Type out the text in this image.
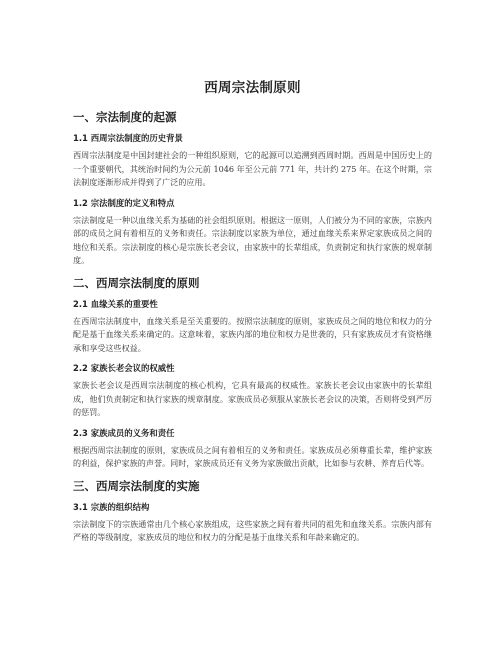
西周宗法制原则
一、宗法制度的起源
1.1 西周宗法制度的历史背景

西周宗法制度是中国封建社会的一种组织原则，它的起源可以追溯到西周时期。西周是中国历史上的一个重要朝代，其统治时间约为公元前 1046 年至公元前 771 年，共计约 275 年。在这个时期，宗法制度逐渐形成并得到了广泛的应用。

1.2 宗法制度的定义和特点

宗法制度是一种以血缘关系为基础的社会组织原则。根据这一原则，人们被分为不同的家族，宗族内部的成员之间有着相互的义务和责任。宗法制度以家族为单位，通过血缘关系来界定家族成员之间的地位和关系。宗法制度的核心是宗族长老会议，由家族中的长辈组成，负责制定和执行家族的规章制度。

二、西周宗法制度的原则
2.1 血缘关系的重要性

在西周宗法制度中，血缘关系是至关重要的。按照宗法制度的原则，家族成员之间的地位和权力的分配是基于血缘关系来确定的。这意味着，家族内部的地位和权力是世袭的，只有家族成员才有资格继承和享受这些权益。

2.2 家族长老会议的权威性

家族长老会议是西周宗法制度的核心机构，它具有最高的权威性。家族长老会议由家族中的长辈组成，他们负责制定和执行家族的规章制度。家族成员必须服从家族长老会议的决策，否则将受到严厉的惩罚。

2.3 家族成员的义务和责任

根据西周宗法制度的原则，家族成员之间有着相互的义务和责任。家族成员必须尊重长辈，维护家族的利益，保护家族的声誉。同时，家族成员还有义务为家族做出贡献，比如参与农耕、养育后代等。

三、西周宗法制度的实施
3.1 宗族的组织结构

宗法制度下的宗族通常由几个核心家族组成，这些家族之间有着共同的祖先和血缘关系。宗族内部有严格的等级制度，家族成员的地位和权力的分配是基于血缘关系和年龄来确定的。
